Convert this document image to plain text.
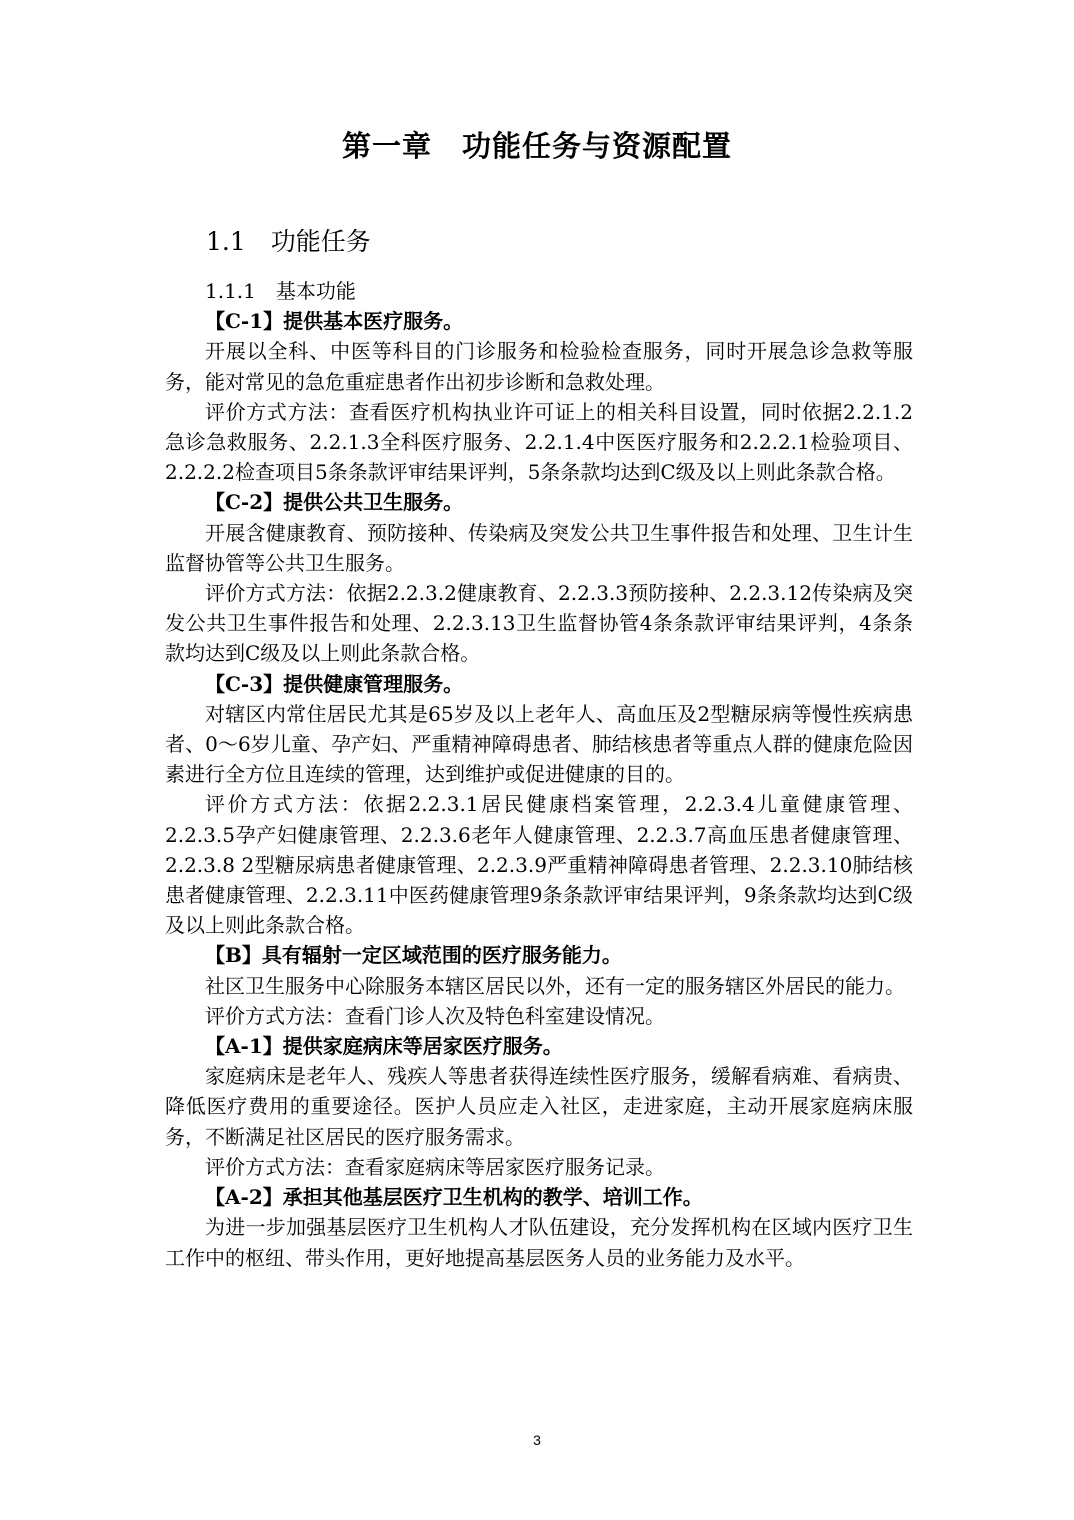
第一章　功能任务与资源配置
1.1　功能任务

1.1.1　基本功能

【C-1】提供基本医疗服务。

开展以全科、中医等科目的门诊服务和检验检查服务，同时开展急诊急救等服务，能对常见的急危重症患者作出初步诊断和急救处理。

评价方式方法：查看医疗机构执业许可证上的相关科目设置，同时依据2.2.1.2急诊急救服务、2.2.1.3全科医疗服务、2.2.1.4中医医疗服务和2.2.2.1检验项目、2.2.2.2检查项目5条条款评审结果评判，5条条款均达到C级及以上则此条款合格。

【C-2】提供公共卫生服务。

开展含健康教育、预防接种、传染病及突发公共卫生事件报告和处理、卫生计生监督协管等公共卫生服务。

评价方式方法：依据2.2.3.2健康教育、2.2.3.3预防接种、2.2.3.12传染病及突发公共卫生事件报告和处理、2.2.3.13卫生监督协管4条条款评审结果评判，4条条款均达到C级及以上则此条款合格。

【C-3】提供健康管理服务。

对辖区内常住居民尤其是65岁及以上老年人、高血压及2型糖尿病等慢性疾病患者、0～6岁儿童、孕产妇、严重精神障碍患者、肺结核患者等重点人群的健康危险因素进行全方位且连续的管理，达到维护或促进健康的目的。

评价方式方法：依据2.2.3.1居民健康档案管理，2.2.3.4儿童健康管理、2.2.3.5孕产妇健康管理、2.2.3.6老年人健康管理、2.2.3.7高血压患者健康管理、2.2.3.8 2型糖尿病患者健康管理、2.2.3.9严重精神障碍患者管理、2.2.3.10肺结核患者健康管理、2.2.3.11中医药健康管理9条条款评审结果评判，9条条款均达到C级及以上则此条款合格。

【B】具有辐射一定区域范围的医疗服务能力。

社区卫生服务中心除服务本辖区居民以外，还有一定的服务辖区外居民的能力。

评价方式方法：查看门诊人次及特色科室建设情况。

【A-1】提供家庭病床等居家医疗服务。

家庭病床是老年人、残疾人等患者获得连续性医疗服务，缓解看病难、看病贵、降低医疗费用的重要途径。医护人员应走入社区，走进家庭，主动开展家庭病床服务，不断满足社区居民的医疗服务需求。

评价方式方法：查看家庭病床等居家医疗服务记录。

【A-2】承担其他基层医疗卫生机构的教学、培训工作。

为进一步加强基层医疗卫生机构人才队伍建设，充分发挥机构在区域内医疗卫生工作中的枢纽、带头作用，更好地提高基层医务人员的业务能力及水平。

3
